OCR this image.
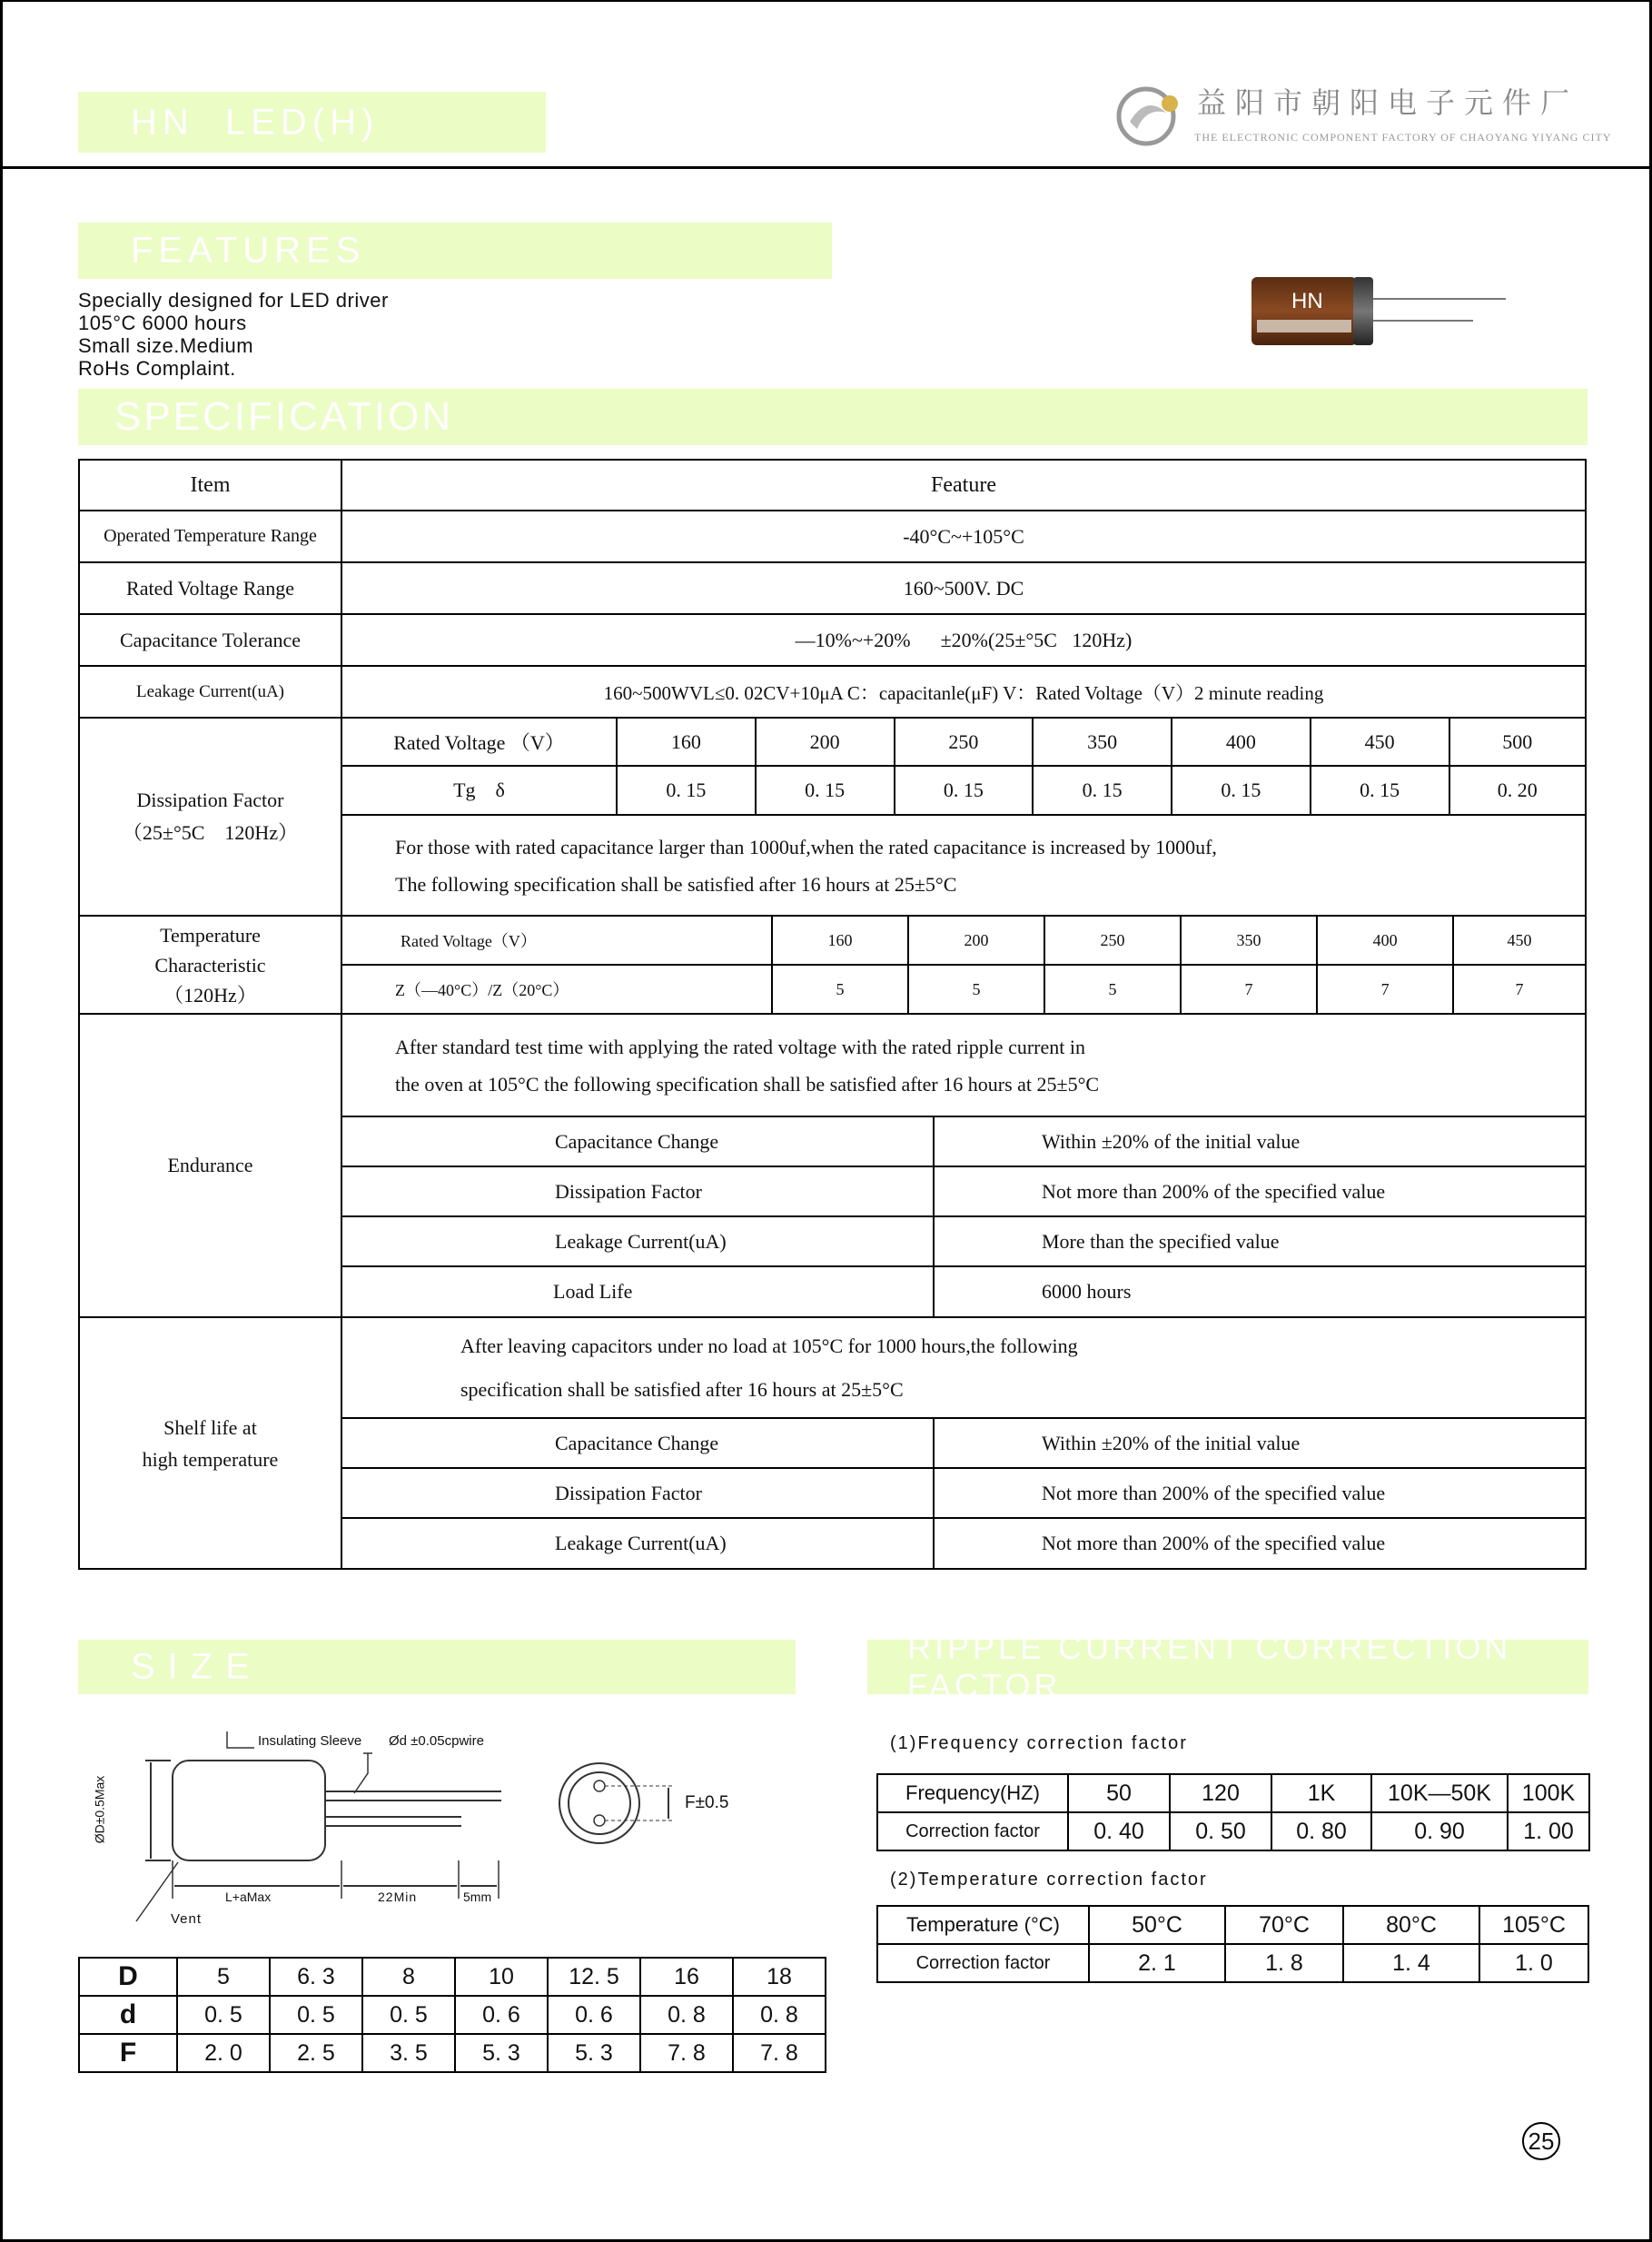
HN  LED(H)	益阳市朝阳电子元件厂
THE ELECTRONIC COMPONENT FACTORY OF CHAOYANG YIYANG CITY
FEATURES
Specially designed for LED driver
105°C 6000 hours
Small size.Medium
RoHs Complaint.
HN
SPECIFICATION
Item	Feature
Operated Temperature Range	-40°C~+105°C
Rated Voltage Range	160~500V. DC
Capacitance Tolerance	—10%~+20%      ±20%(25±°5C   120Hz)
Leakage Current(uA)	160~500WVL≤0. 02CV+10μA C：capacitanle(μF) V：Rated Voltage（V）2 minute reading

Dissipation Factor
（25±°5C    120Hz）

Rated Voltage （V）	160	200	250	350	400	450	500
Tg    δ	0. 15	0. 15	0. 15	0. 15	0. 15	0. 15	0. 20

For those with rated capacitance larger than 1000uf,when the rated capacitance is increased by 1000uf,
The following specification shall be satisfied after 16 hours at 25±5°C

Temperature
Characteristic
（120Hz）

Rated Voltage（V）	160	200	250	350	400	450
Z（—40°C）/Z（20°C）	5	5	5	7	7	7

Endurance	
After standard test time with applying the rated voltage with the rated ripple current in
the oven at 105°C the following specification shall be satisfied after 16 hours at 25±5°C

Capacitance Change	Within ±20% of the initial value
Dissipation Factor	Not more than 200% of the specified value
Leakage Current(uA)	More than the specified value
Load Life	6000 hours

Shelf life at
high temperature

After leaving capacitors under no load at 105°C for 1000 hours,the following
specification shall be satisfied after 16 hours at 25±5°C

Capacitance Change	Within ±20% of the initial value
Dissipation Factor	Not more than 200% of the specified value
Leakage Current(uA)	Not more than 200% of the specified value
SIZE
Insulating Sleeve Ød ±0.05cpwire
ØD±0.5Max
L+aMax	22Min	5mm
Vent
F±0.5
D	5	6. 3	8	10	12. 5	16	18
d	0. 5	0. 5	0. 5	0. 6	0. 6	0. 8	0. 8
F	2. 0	2. 5	3. 5	5. 3	5. 3	7. 8	7. 8
RIPPLE CURRENT CORRECTION FACTOR
(1)Frequency correction factor
Frequency(HZ)	50	120	1K	10K—50K	100K
Correction factor	0. 40	0. 50	0. 80	0. 90	1. 00
(2)Temperature correction factor
Temperature (°C)	50°C	70°C	80°C	105°C
Correction factor	2. 1	1. 8	1. 4	1. 0
25
